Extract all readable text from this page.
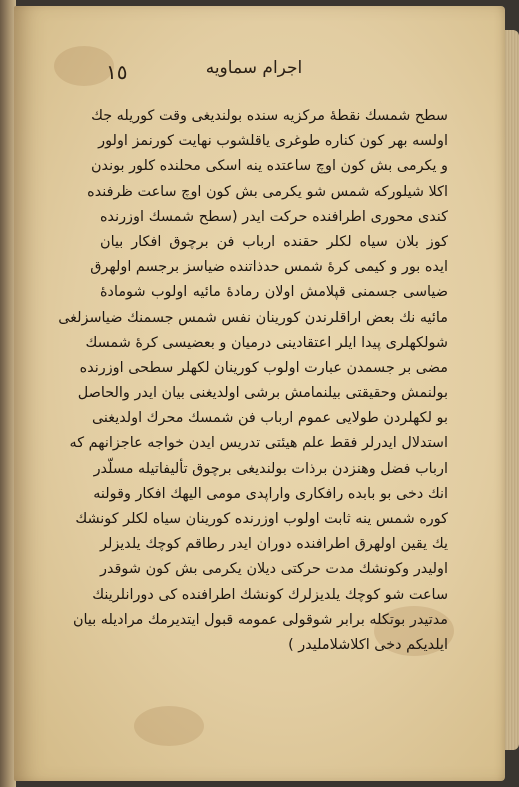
١٥	اجرام سماويه
سطح شمسك نقطهٔ مركزيه سنده بولنديغى وقت كوريله جك
اولسه بهر كون كناره طوغرى ياقلشوب نهايت كورنمز اولور
و يكرمى بش كون اوچ ساعتده ينه اسكى محلنده كلور بوندن
اكلا شيلوركه شمس شو يكرمى بش كون اوچ ساعت ظرفنده
كندى محورى اطرافنده حركت ايدر (سطح شمسك اوزرنده
كوز بلان سياه لكلر حقنده ارباب فن برچوق افكار بيان
ايده بور و كيمى كرهٔ شمس حدذاتنده ضياسز برجسم اولهرق
ضياسى جسمنى قپلامش اولان رمادهٔ مائيه اولوب شومادهٔ
مائيه نك بعض اراقلرندن كورينان نفس شمس جسمنك ضياسزلغى
شولكهلرى پيدا ايلر اعتقادينى درميان و بعضيسى كرهٔ شمسك
مضى بر جسمدن عبارت اولوب كورينان لكهلر سطحى اوزرنده
بولنمش وحقيقتى بيلنمامش برشى اولديغنى بيان ايدر والحاصل
بو لكهلردن طولايى عموم ارباب فن شمسك محرك اولديغنى
استدلال ايدرلر فقط علم هيئتى تدريس ايدن خواجه عاجزانهم كه
ارباب فضل وهنزدن برذات بولنديغى برچوق تأليفاتيله مسلّدر
انك دخى بو بابده رافكارى واراپدى مومى اليهك افكار وقولنه
كوره شمس ينه ثابت اولوب اوزرنده كورينان سياه لكلر كونشك
يك يقين اولهرق اطرافنده دوران ايدر رطاقم كوچك يلديزلر
اوليدر وكونشك مدت حركتى ديلان يكرمى بش كون شوقدر
ساعت شو كوچك يلديزلرك كونشك اطرافنده كى دورانلرينك
مدتيدر بوتكله برابر شوقولى عمومه قبول ايتديرمك مراديله بيان
ايلديكم دخى اكلاشلامليدر )
